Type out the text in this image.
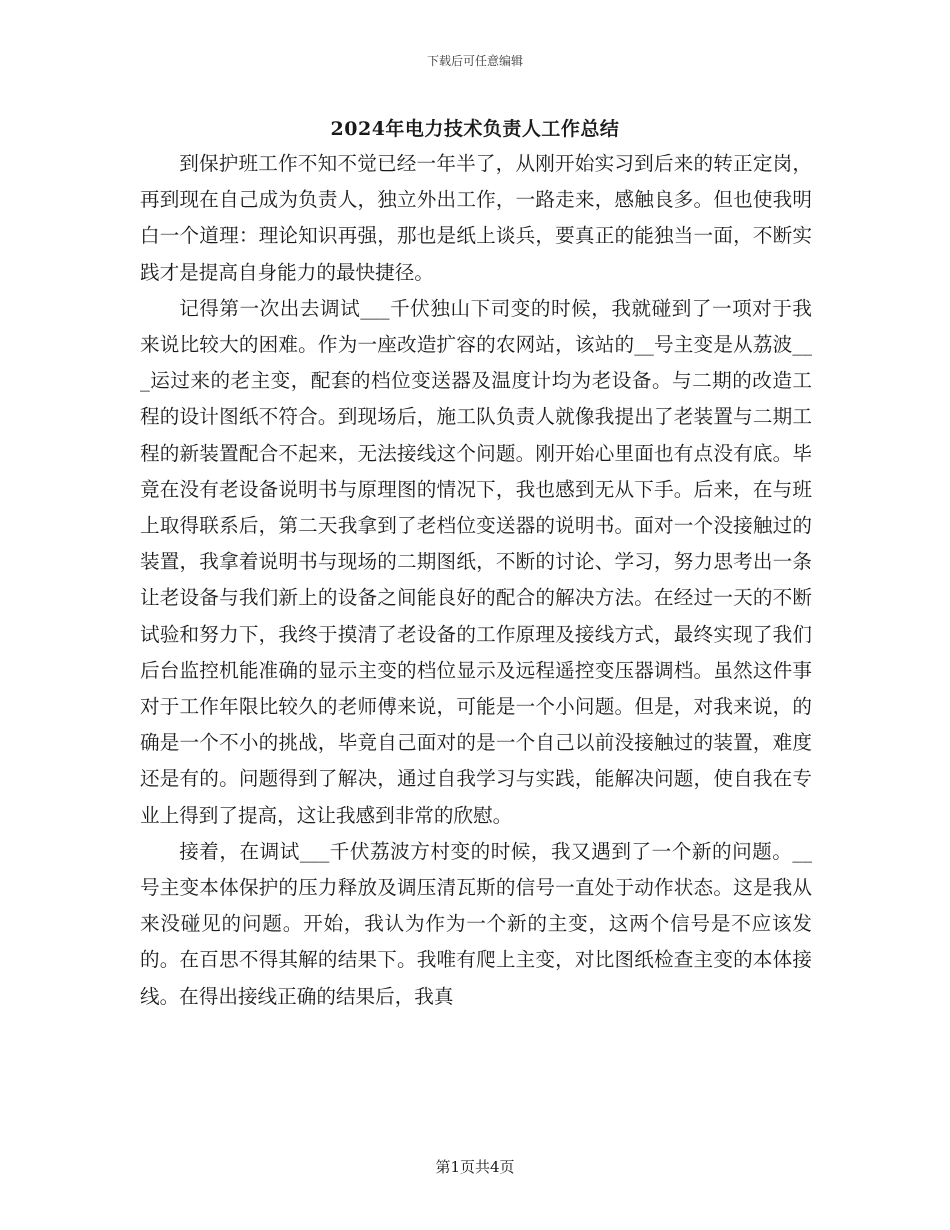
下载后可任意编辑
2024年电力技术负责人工作总结

到保护班工作不知不觉已经一年半了，从刚开始实习到后来的转正定岗，再到现在自己成为负责人，独立外出工作，一路走来，感触良多。但也使我明白一个道理：理论知识再强，那也是纸上谈兵，要真正的能独当一面，不断实践才是提高自身能力的最快捷径。

记得第一次出去调试___千伏独山下司变的时候，我就碰到了一项对于我来说比较大的困难。作为一座改造扩容的农网站，该站的__号主变是从荔波___运过来的老主变，配套的档位变送器及温度计均为老设备。与二期的改造工程的设计图纸不符合。到现场后，施工队负责人就像我提出了老装置与二期工程的新装置配合不起来，无法接线这个问题。刚开始心里面也有点没有底。毕竟在没有老设备说明书与原理图的情况下，我也感到无从下手。后来，在与班上取得联系后，第二天我拿到了老档位变送器的说明书。面对一个没接触过的装置，我拿着说明书与现场的二期图纸，不断的讨论、学习，努力思考出一条让老设备与我们新上的设备之间能良好的配合的解决方法。在经过一天的不断试验和努力下，我终于摸清了老设备的工作原理及接线方式，最终实现了我们后台监控机能准确的显示主变的档位显示及远程遥控变压器调档。虽然这件事对于工作年限比较久的老师傅来说，可能是一个小问题。但是，对我来说，的确是一个不小的挑战，毕竟自己面对的是一个自己以前没接触过的装置，难度还是有的。问题得到了解决，通过自我学习与实践，能解决问题，使自我在专业上得到了提高，这让我感到非常的欣慰。

接着，在调试___千伏荔波方村变的时候，我又遇到了一个新的问题。__号主变本体保护的压力释放及调压清瓦斯的信号一直处于动作状态。这是我从来没碰见的问题。开始，我认为作为一个新的主变，这两个信号是不应该发的。在百思不得其解的结果下。我唯有爬上主变，对比图纸检查主变的本体接线。在得出接线正确的结果后，我真

第1页共4页
